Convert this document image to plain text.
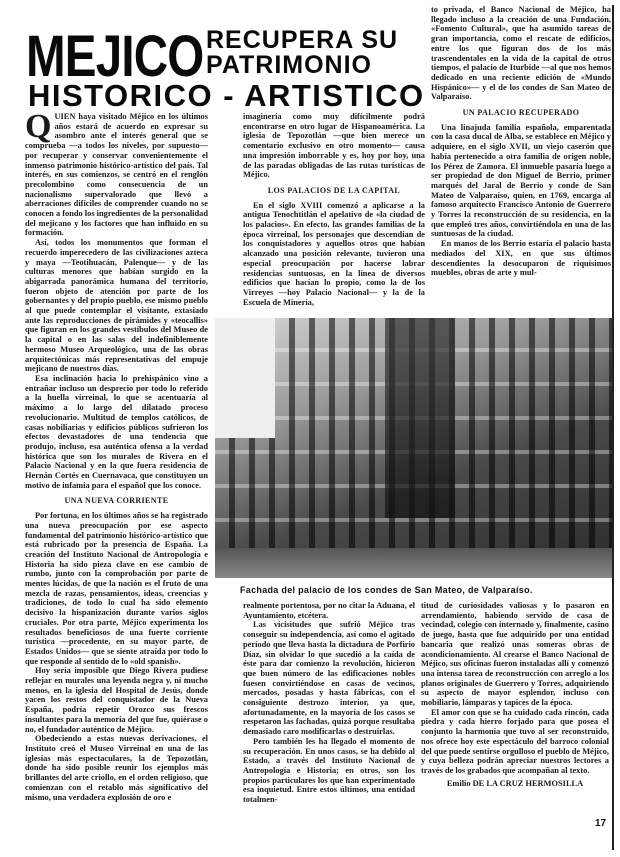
MEJICO RECUPERA SU
PATRIMONIO
HISTORICO - ARTISTICO

QUIEN haya visitado Méjico en los últimos años estará de acuerdo en expresar su asombro ante el interés general que se comprueba —a todos los niveles, por supuesto— por recuperar y conservar convenientemente el inmenso patrimonio histórico-artístico del país. Tal interés, en sus comienzos, se centró en el renglón precolombino como consecuencia de un nacionalismo supervalorado que llevó a aberraciones difíciles de comprender cuando no se conocen a fondo los ingredientes de la personalidad del mejicano y los factores que han influido en su formación.

Así, todos los monumentos que forman el recuerdo imperecedero de las civilizaciones azteca y maya —Teotihuacán, Palenque— y de las culturas menores que habían surgido en la abigarrada panorámica humana del territorio, fueron objeto de atención por parte de los gobernantes y del propio pueblo, ese mismo pueblo al que puede contemplar el visitante, extasiado ante las reproducciones de pirámides y «teocallis» que figuran en los grandes vestíbulos del Museo de la capital o en las salas del indefiniblemente hermoso Museo Arqueológico, una de las obras arquitectónicas más representativas del empuje mejicano de nuestros días.

Esa inclinación hacia lo prehispánico vino a entrañar incluso un desprecio por todo lo referido a la huella virreinal, lo que se acentuaría al máximo a lo largo del dilatado proceso revolucionario. Multitud de templos católicos, de casas nobiliarias y edificios públicos sufrieron los efectos devastadores de una tendencia que produjo, incluso, esa auténtica ofensa a la verdad histórica que son los murales de Rivera en el Palacio Nacional y en la que fuera residencia de Hernán Cortés en Cuernavaca, que constituyen un motivo de infamia para el español que los conoce.

UNA NUEVA CORRIENTE

Por fortuna, en los últimos años se ha registrado una nueva preocupación por ese aspecto fundamental del patrimonio histórico-artístico que está rubricado por la presencia de España. La creación del Instituto Nacional de Antropología e Historia ha sido pieza clave en ese cambio de rumbo, junto con la comprobación por parte de mentes lúcidas, de que la nación es el fruto de una mezcla de razas, pensamientos, ideas, creencias y tradiciones, de todo lo cual ha sido elemento decisivo la hispanización durante varios siglos cruciales. Por otra parte, Méjico experimenta los resultados beneficiosos de una fuerte corriente turística —procedente, en su mayor parte, de Estados Unidos— que se siente atraída por todo lo que responde al sentido de lo «old spanish».

Hoy sería imposible que Diego Rivera pudiese reflejar en murales una leyenda negra y, ni mucho menos, en la iglesia del Hospital de Jesús, donde yacen los restos del conquistador de la Nueva España, podría repetir Orozco sus frescos insultantes para la memoria del que fue, quiérase o no, el fundador auténtico de Méjico.

Obedeciendo a estas nuevas derivaciones, el Instituto creó el Museo Virreinal en una de las iglesias más espectaculares, la de Tepozotlán, donde ha sido posible reunir los ejemplos más brillantes del arte criollo, en el orden religioso, que comienzan con el retablo más significativo del mismo, una verdadera explosión de oro e

imaginería como muy difícilmente podrá encontrarse en otro lugar de Hispanoamérica. La iglesia de Tepozotlán —que bien merece un comentario exclusivo en otro momento— causa una impresión imborrable y es, hoy por hoy, una de las paradas obligadas de las rutas turísticas de Méjico.

LOS PALACIOS DE LA CAPITAL

En el siglo XVIII comenzó a aplicarse a la antigua Tenochtitlán el apelativo de «la ciudad de los palacios». En efecto, las grandes familias de la época virreinal, los personajes que descendían de los conquistadores y aquellos otros que habían alcanzado una posición relevante, tuvieron una especial preocupación por hacerse labrar residencias suntuosas, en la línea de diversos edificios que hacían lo propio, como la de los Virreyes —hoy Palacio Nacional— y la de la Escuela de Minería,

to privada, el Banco Nacional de Méjico, ha llegado incluso a la creación de una Fundación, «Fomento Cultural», que ha asumido tareas de gran importancia, como el rescate de edificios, entre los que figuran dos de los más trascendentales en la vida de la capital de otros tiempos, el palacio de Iturbide —al que nos hemos dedicado en una reciente edición de «Mundo Hispánico»— y el de los condes de San Mateo de Valparaíso.

UN PALACIO RECUPERADO

Una linajuda familia española, emparentada con la casa ducal de Alba, se establece en Méjico y adquiere, en el siglo XVII, un viejo caserón que había pertenecido a otra familia de origen noble, los Pérez de Zamora. El inmueble pasaría luego a ser propiedad de don Miguel de Berrio, primer marqués del Jaral de Berrio y conde de San Mateo de Valparaíso, quien, en 1769, encarga al famoso arquitecto Francisco Antonio de Guerrero y Torres la reconstrucción de su residencia, en la que empleó tres años, convirtiéndola en una de las suntuosas de la ciudad.

En manos de los Berrio estaría el palacio hasta mediados del XIX, en que sus últimos descendientes la desocuparon de riquísimos muebles, obras de arte y mul-

Fachada del palacio de los condes de San Mateo, de Valparaíso.

realmente portentosa, por no citar la Aduana, el Ayuntamiento, etcétera.

Las vicisitudes que sufrió Méjico tras conseguir su independencia, así como el agitado período que lleva hasta la dictadura de Porfirio Díaz, sin olvidar lo que sucedió a la caída de éste para dar comienzo la revolución, hicieron que buen número de las edificaciones nobles fuesen convirtiéndose en casas de vecinos, mercados, posadas y hasta fábricas, con el consiguiente destrozo interior, ya que, afortunadamente, en la mayoría de los casos se respetaron las fachadas, quizá porque resultaba demasiado caro modificarlas o destruirlas.

Pero también les ha llegado el momento de su recuperación. En unos casos, se ha debido al Estado, a través del Instituto Nacional de Antropología e Historia; en otros, son los propios particulares los que han experimentado esa inquietud. Entre estos últimos, una entidad totalmen-

titud de curiosidades valiosas y lo pasaron en arrendamiento, habiendo servido de casa de vecindad, colegio con internado y, finalmente, casino de juego, hasta que fue adquirido por una entidad bancaria que realizó unas someras obras de acondicionamiento. Al crearse el Banco Nacional de Méjico, sus oficinas fueron instaladas allí y comenzó una intensa tarea de reconstrucción con arreglo a los planos originales de Guerrero y Torres, adquiriendo su aspecto de mayor esplendor, incluso con mobiliario, lámparas y tapices de la época.

El amor con que se ha cuidado cada rincón, cada piedra y cada hierro forjado para que posea el conjunto la harmonía que tuvo al ser reconstruido, nos ofrece hoy este espectáculo del barroco colonial del que puede sentirse orgulloso el pueblo de Méjico, y cuya belleza podrán apreciar nuestros lectores a través de los grabados que acompañan al texto.

Emilio DE LA CRUZ HERMOSILLA

17
